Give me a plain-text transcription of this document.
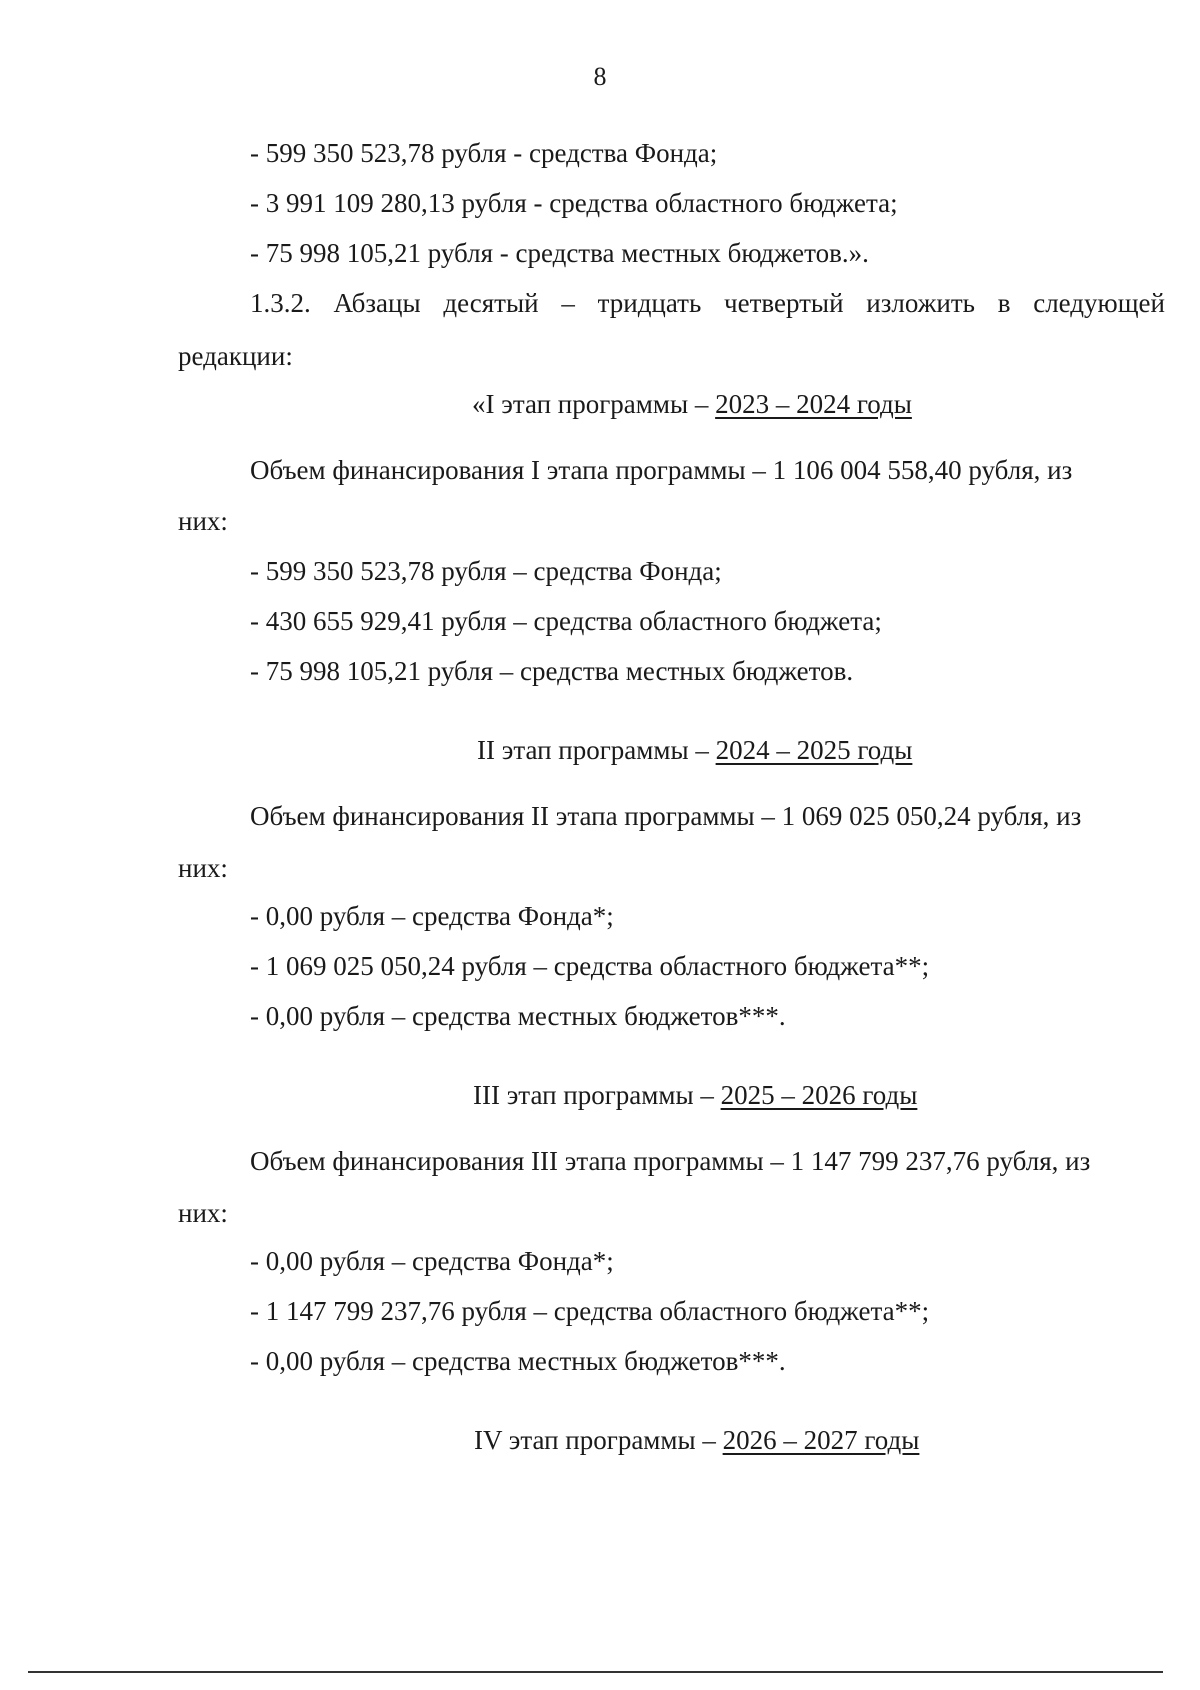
8
- 599 350 523,78 рубля - средства Фонда;
- 3 991 109 280,13 рубля - средства областного бюджета;
- 75 998 105,21 рубля - средства местных бюджетов.».
1.3.2. Абзацы десятый – тридцать четвертый изложить в следующей
редакции:
«I этап программы – 2023 – 2024 годы
Объем финансирования I этапа программы – 1 106 004 558,40 рубля, из
них:
- 599 350 523,78 рубля – средства Фонда;
- 430 655 929,41 рубля – средства областного бюджета;
- 75 998 105,21 рубля – средства местных бюджетов.
II этап программы – 2024 – 2025 годы
Объем финансирования II этапа программы – 1 069 025 050,24 рубля, из
них:
- 0,00 рубля – средства Фонда*;
- 1 069 025 050,24 рубля – средства областного бюджета**;
- 0,00 рубля – средства местных бюджетов***.
III этап программы – 2025 – 2026 годы
Объем финансирования III этапа программы – 1 147 799 237,76 рубля, из
них:
- 0,00 рубля – средства Фонда*;
- 1 147 799 237,76 рубля – средства областного бюджета**;
- 0,00 рубля – средства местных бюджетов***.
IV этап программы – 2026 – 2027 годы
